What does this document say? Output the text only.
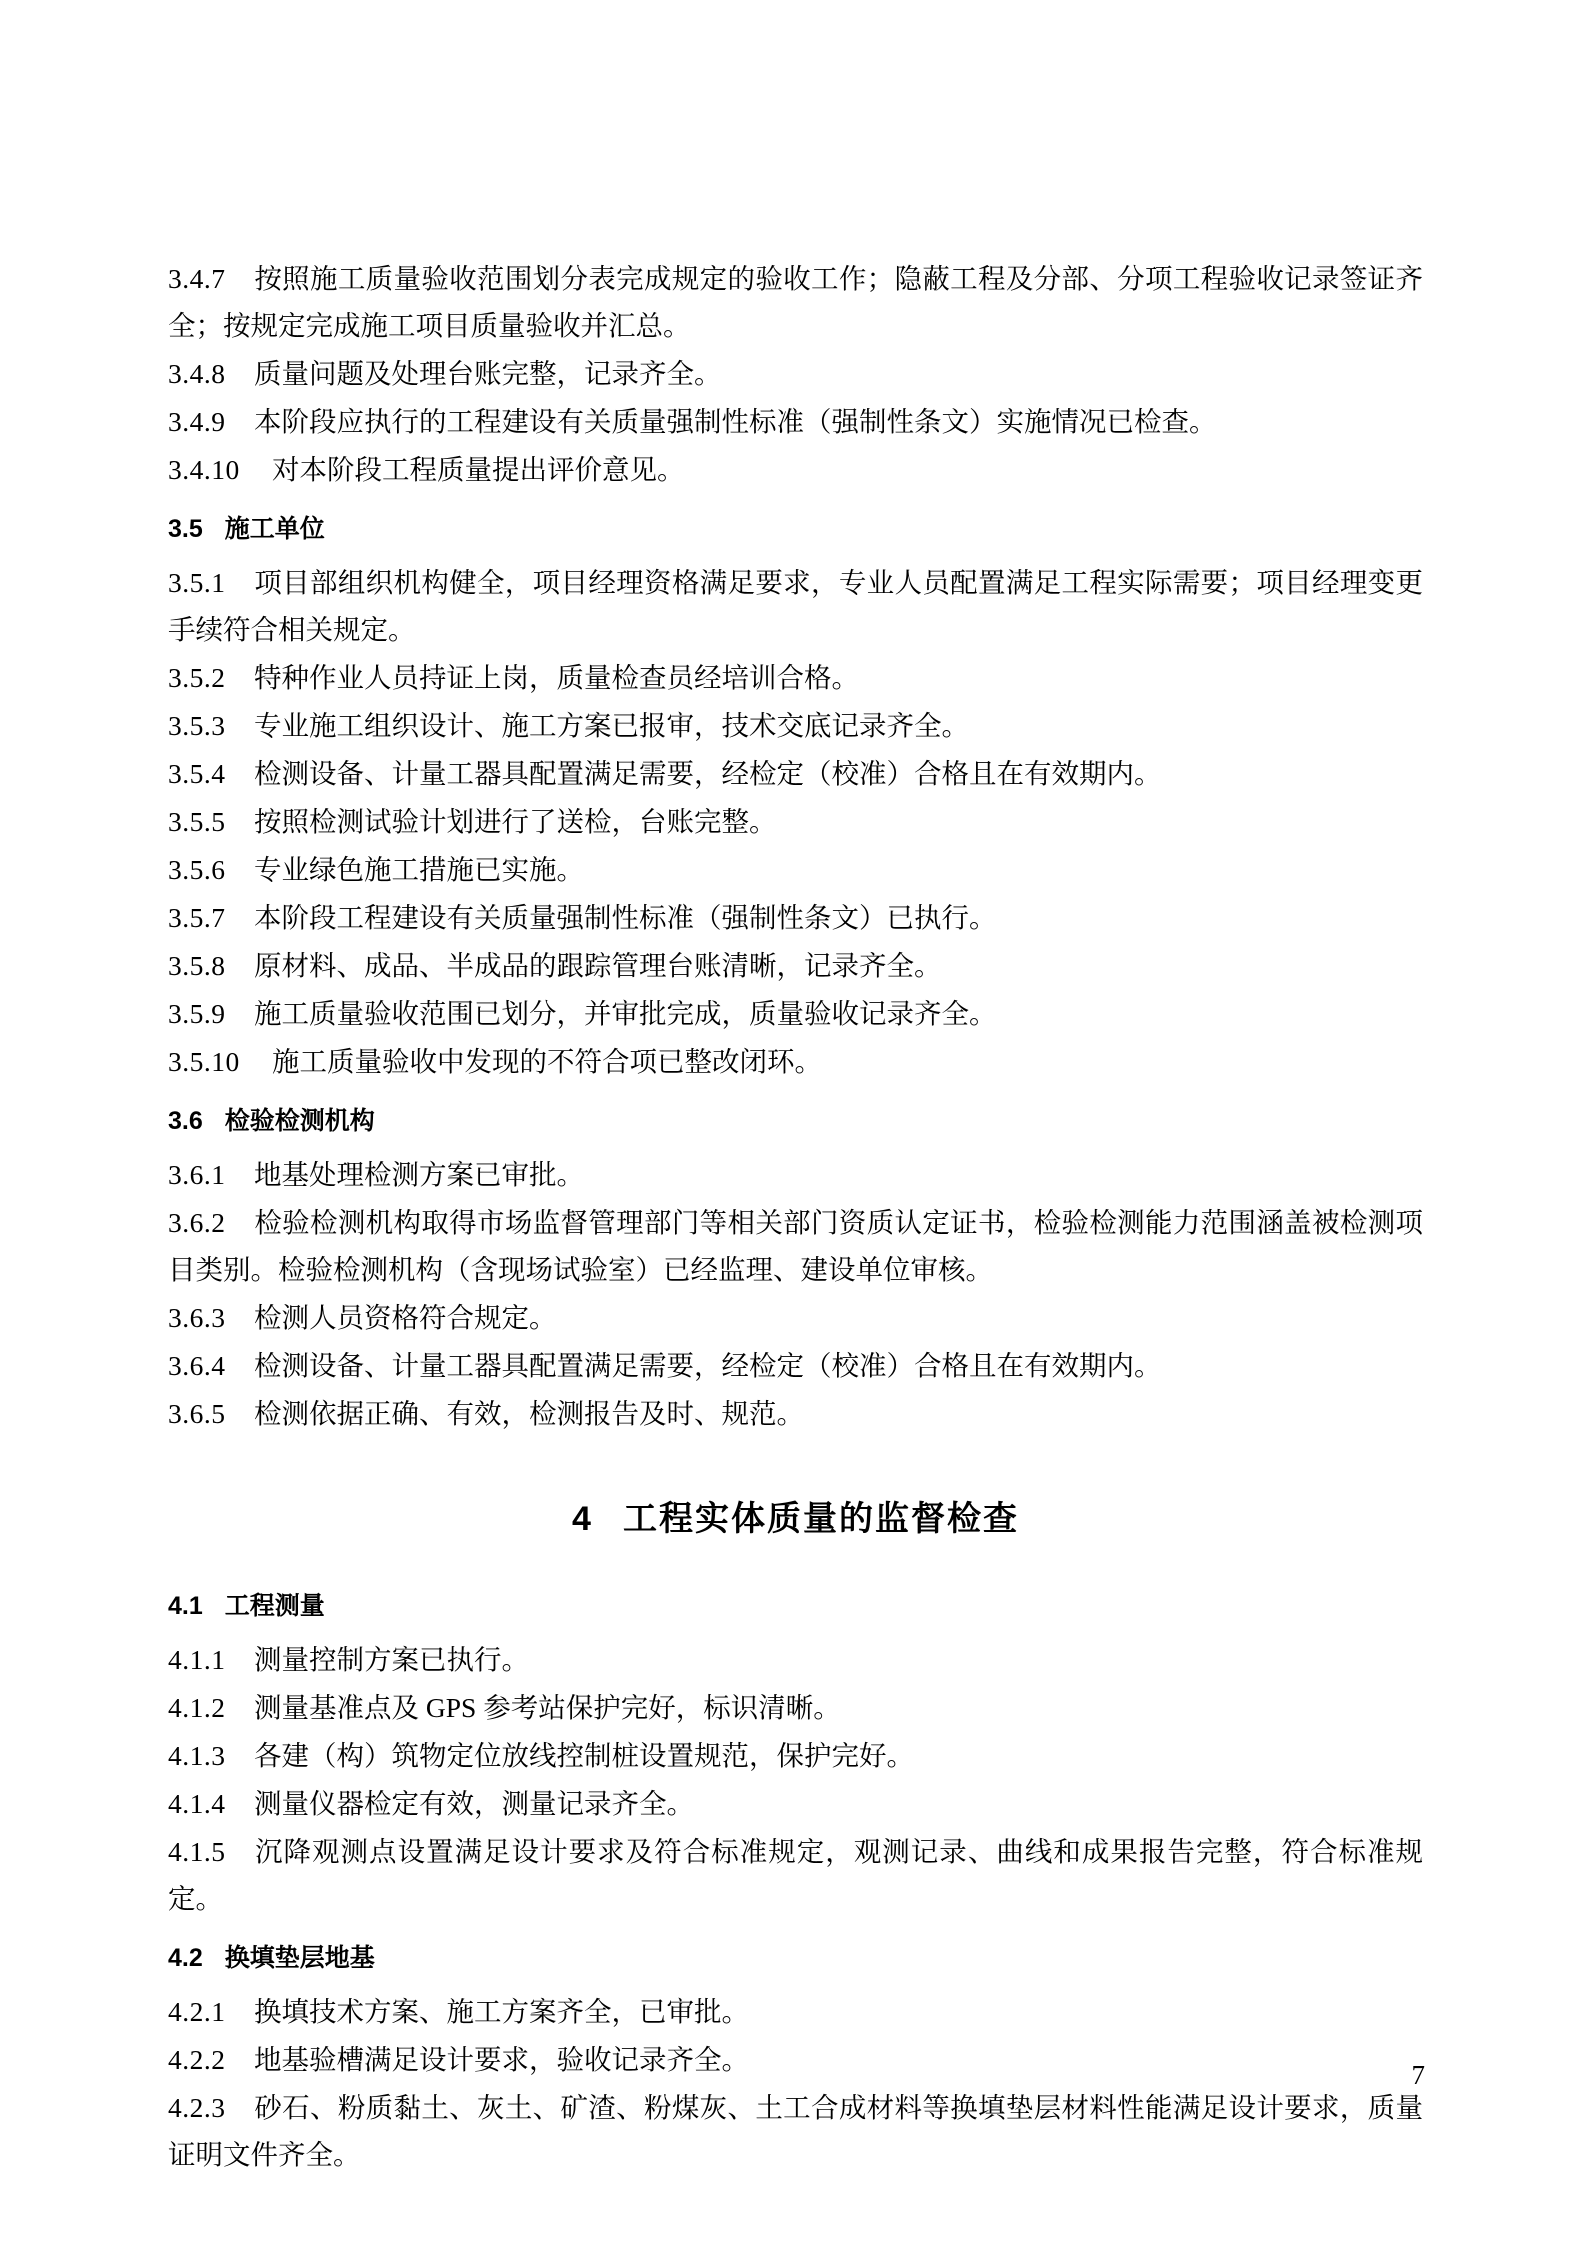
3.4.7 按照施工质量验收范围划分表完成规定的验收工作；隐蔽工程及分部、分项工程验收记录签证齐全；按规定完成施工项目质量验收并汇总。

3.4.8 质量问题及处理台账完整，记录齐全。

3.4.9 本阶段应执行的工程建设有关质量强制性标准（强制性条文）实施情况已检查。

3.4.10 对本阶段工程质量提出评价意见。

3.5 施工单位

3.5.1 项目部组织机构健全，项目经理资格满足要求，专业人员配置满足工程实际需要；项目经理变更手续符合相关规定。

3.5.2 特种作业人员持证上岗，质量检查员经培训合格。

3.5.3 专业施工组织设计、施工方案已报审，技术交底记录齐全。

3.5.4 检测设备、计量工器具配置满足需要，经检定（校准）合格且在有效期内。

3.5.5 按照检测试验计划进行了送检，台账完整。

3.5.6 专业绿色施工措施已实施。

3.5.7 本阶段工程建设有关质量强制性标准（强制性条文）已执行。

3.5.8 原材料、成品、半成品的跟踪管理台账清晰，记录齐全。

3.5.9 施工质量验收范围已划分，并审批完成，质量验收记录齐全。

3.5.10 施工质量验收中发现的不符合项已整改闭环。

3.6 检验检测机构

3.6.1 地基处理检测方案已审批。

3.6.2 检验检测机构取得市场监督管理部门等相关部门资质认定证书，检验检测能力范围涵盖被检测项目类别。检验检测机构（含现场试验室）已经监理、建设单位审核。

3.6.3 检测人员资格符合规定。

3.6.4 检测设备、计量工器具配置满足需要，经检定（校准）合格且在有效期内。

3.6.5 检测依据正确、有效，检测报告及时、规范。

4 工程实体质量的监督检查
4.1 工程测量

4.1.1 测量控制方案已执行。

4.1.2 测量基准点及 GPS 参考站保护完好，标识清晰。

4.1.3 各建（构）筑物定位放线控制桩设置规范，保护完好。

4.1.4 测量仪器检定有效，测量记录齐全。

4.1.5 沉降观测点设置满足设计要求及符合标准规定，观测记录、曲线和成果报告完整，符合标准规定。

4.2 换填垫层地基

4.2.1 换填技术方案、施工方案齐全，已审批。

4.2.2 地基验槽满足设计要求，验收记录齐全。

4.2.3 砂石、粉质黏土、灰土、矿渣、粉煤灰、土工合成材料等换填垫层材料性能满足设计要求，质量证明文件齐全。

7
